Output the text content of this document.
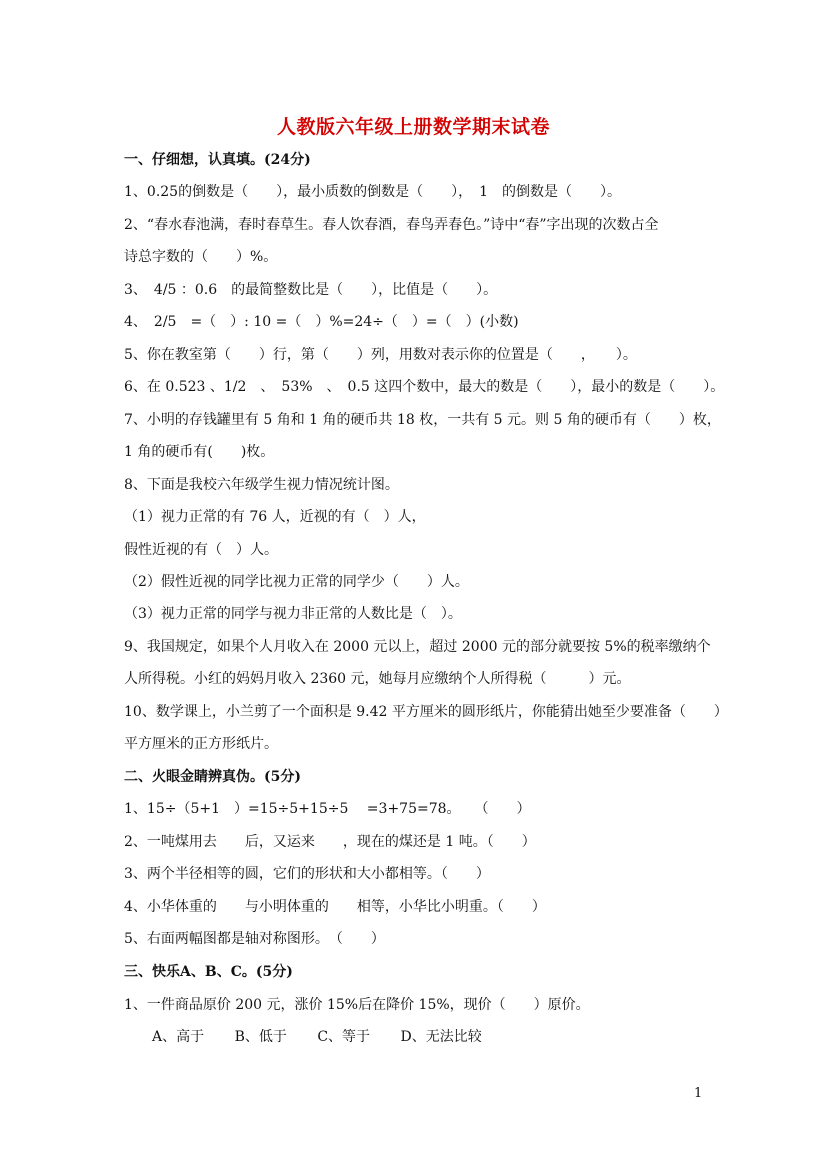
人教版六年级上册数学期末试卷
一、仔细想，认真填。(24分)
1、0.25的倒数是（　　），最小质数的倒数是（　　），　1　的倒数是（　　）。
2、“春水春池满，春时春草生。春人饮春酒，春鸟弄春色。”诗中“春”字出现的次数占全
诗总字数的（　　）%。
3、　4/5 ：0.6　的最简整数比是（　　），比值是（　　）。
4、　2/5　=（　）: 10 =（　）%=24÷（　）=（　）(小数)
5、你在教室第（　　）行，第（　　）列，用数对表示你的位置是（　　，　　）。
6、在 0.523 、1/2　、　53%　、　0.5 这四个数中，最大的数是（　　），最小的数是（　　）。
7、小明的存钱罐里有 5 角和 1 角的硬币共 18 枚，一共有 5 元。则 5 角的硬币有（　　）枚，
1 角的硬币有(　　)枚。
8、下面是我校六年级学生视力情况统计图。
（1）视力正常的有 76 人，近视的有（　）人，
假性近视的有（　）人。
（2）假性近视的同学比视力正常的同学少（　　）人。
（3）视力正常的同学与视力非正常的人数比是（　）。
9、我国规定，如果个人月收入在 2000 元以上，超过 2000 元的部分就要按 5%的税率缴纳个
人所得税。小红的妈妈月收入 2360 元，她每月应缴纳个人所得税（　　　）元。
10、数学课上，小兰剪了一个面积是 9.42 平方厘米的圆形纸片，你能猜出她至少要准备（　　）
平方厘米的正方形纸片。
二、火眼金睛辨真伪。(5分)
1、15÷（5+1　）=15÷5+15÷5　 =3+75=78。　　（　　）
2、一吨煤用去　　后，又运来　　，现在的煤还是 1 吨。（　　）
3、两个半径相等的圆，它们的形状和大小都相等。（　　）
4、小华体重的　　与小明体重的　　相等，小华比小明重。（　　）
5、右面两幅图都是轴对称图形。　（　　）
三、快乐A、B、C。(5分)
1、一件商品原价 200 元，涨价 15%后在降价 15%，现价（　　）原价。
A、高于 B、低于 C、等于 D、无法比较
1
